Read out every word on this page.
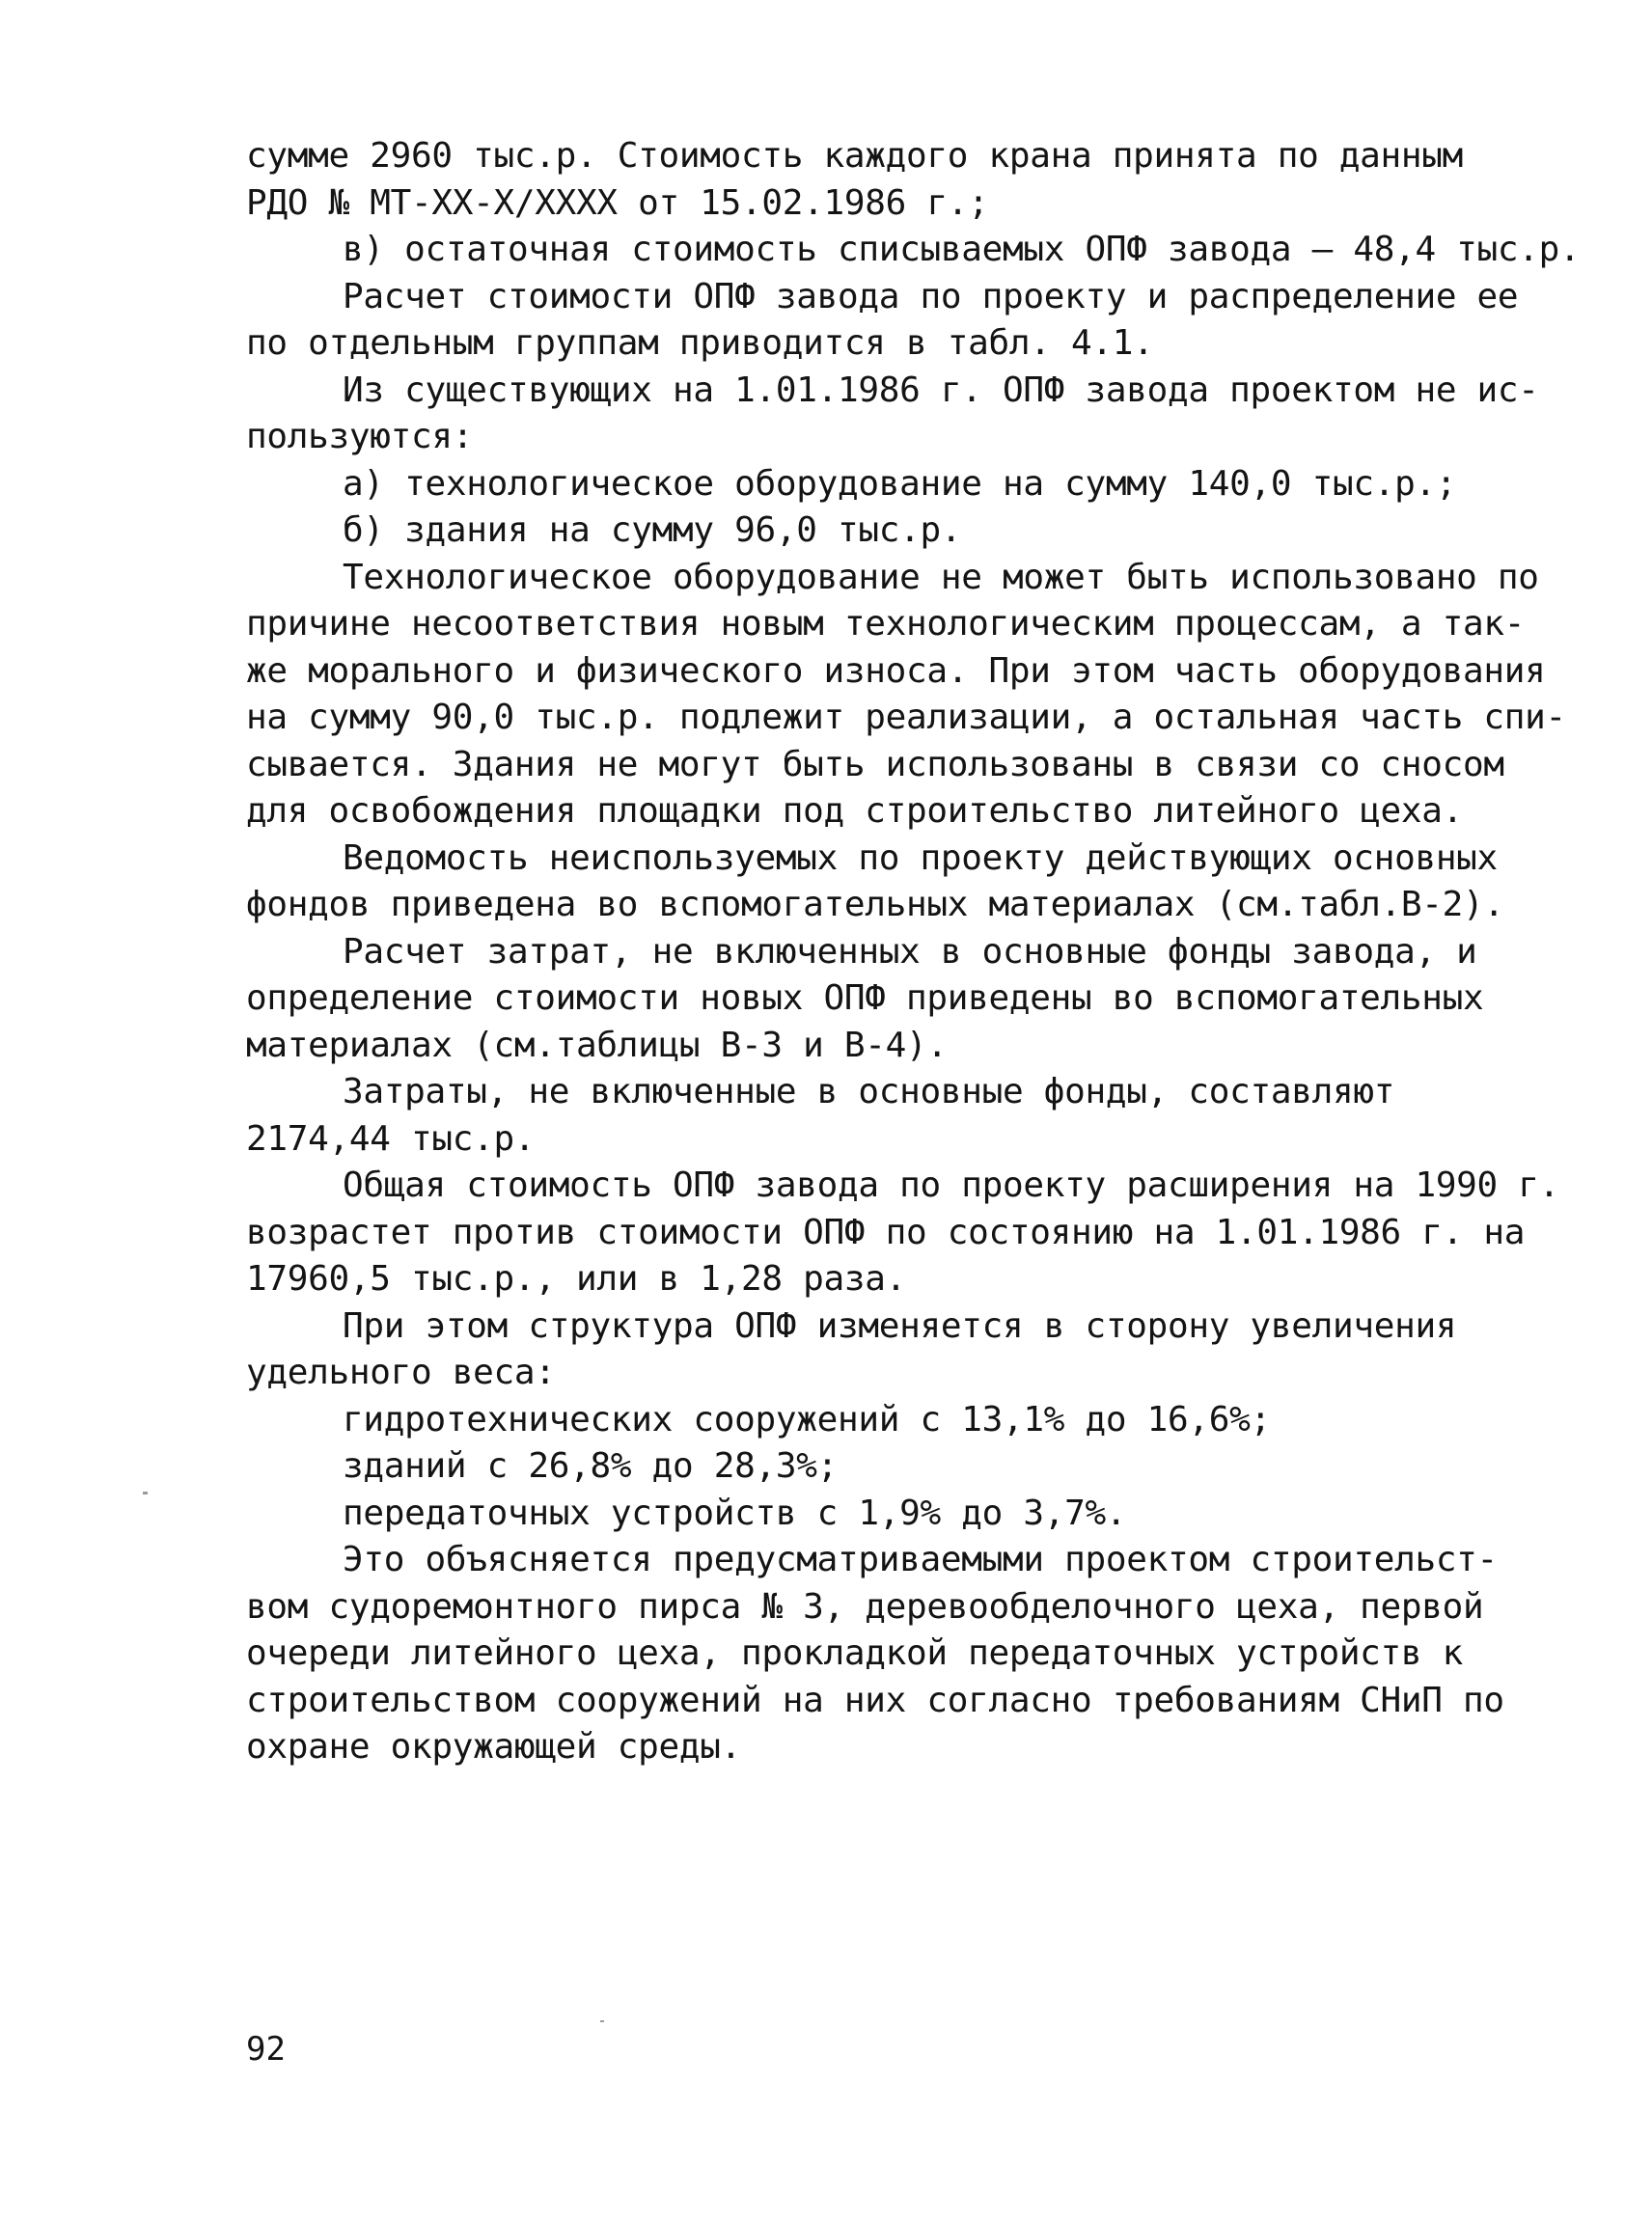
сумме 2960 тыс.р. Стоимость каждого крана принята по данным
РДО № МТ-ХХ-Х/ХХХХ от 15.02.1986 г.;
в) остаточная стоимость списываемых ОПФ завода – 48,4 тыс.р.
Расчет стоимости ОПФ завода по проекту и распределение ее
по отдельным группам приводится в табл. 4.1.
Из существующих на 1.01.1986 г. ОПФ завода проектом не ис-
пользуются:
а) технологическое оборудование на сумму 140,0 тыс.р.;
б) здания на сумму 96,0 тыс.р.
Технологическое оборудование не может быть использовано по
причине несоответствия новым технологическим процессам, а так-
же морального и физического износа. При этом часть оборудования
на сумму 90,0 тыс.р. подлежит реализации, а остальная часть спи-
сывается. Здания не могут быть использованы в связи со сносом
для освобождения площадки под строительство литейного цеха.
Ведомость неиспользуемых по проекту действующих основных
фондов приведена во вспомогательных материалах (см.табл.В-2).
Расчет затрат, не включенных в основные фонды завода, и
определение стоимости новых ОПФ приведены во вспомогательных
материалах (см.таблицы В-3 и В-4).
Затраты, не включенные в основные фонды, составляют
2174,44 тыс.р.
Общая стоимость ОПФ завода по проекту расширения на 1990 г.
возрастет против стоимости ОПФ по состоянию на 1.01.1986 г. на
17960,5 тыс.р., или в 1,28 раза.
При этом структура ОПФ изменяется в сторону увеличения
удельного веса:
гидротехнических сооружений с 13,1% до 16,6%;
зданий с 26,8% до 28,3%;
передаточных устройств с 1,9% до 3,7%.
Это объясняется предусматриваемыми проектом строительст-
вом судоремонтного пирса № 3, деревообделочного цеха, первой
очереди литейного цеха, прокладкой передаточных устройств к
строительством сооружений на них согласно требованиям СНиП по
охране окружающей среды.
92
